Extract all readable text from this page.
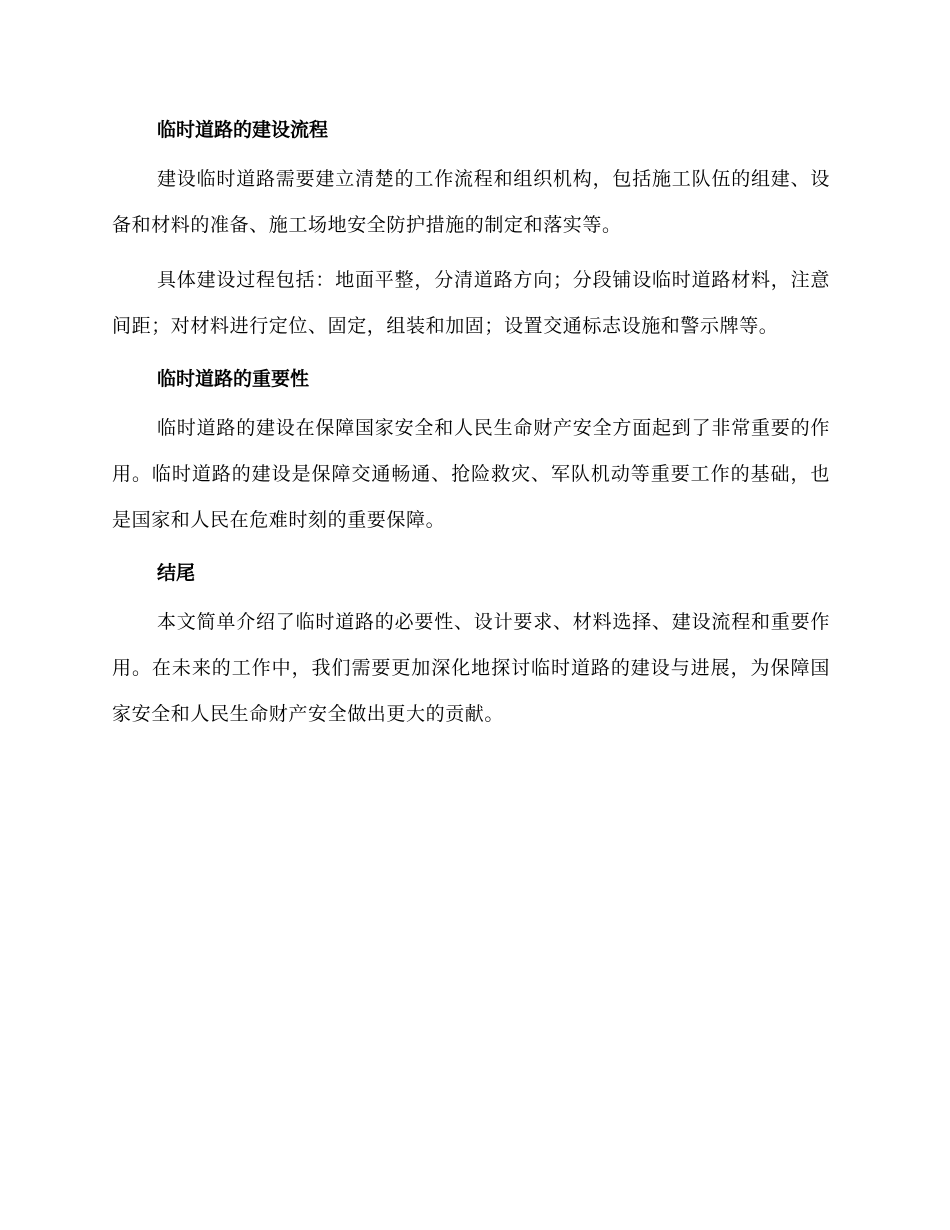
临时道路的建设流程

建设临时道路需要建立清楚的工作流程和组织机构，包括施工队伍的组建、设备和材料的准备、施工场地安全防护措施的制定和落实等。

具体建设过程包括：地面平整，分清道路方向；分段铺设临时道路材料，注意间距；对材料进行定位、固定，组装和加固；设置交通标志设施和警示牌等。

临时道路的重要性

临时道路的建设在保障国家安全和人民生命财产安全方面起到了非常重要的作用。临时道路的建设是保障交通畅通、抢险救灾、军队机动等重要工作的基础，也是国家和人民在危难时刻的重要保障。

结尾

本文简单介绍了临时道路的必要性、设计要求、材料选择、建设流程和重要作用。在未来的工作中，我们需要更加深化地探讨临时道路的建设与进展，为保障国家安全和人民生命财产安全做出更大的贡献。
